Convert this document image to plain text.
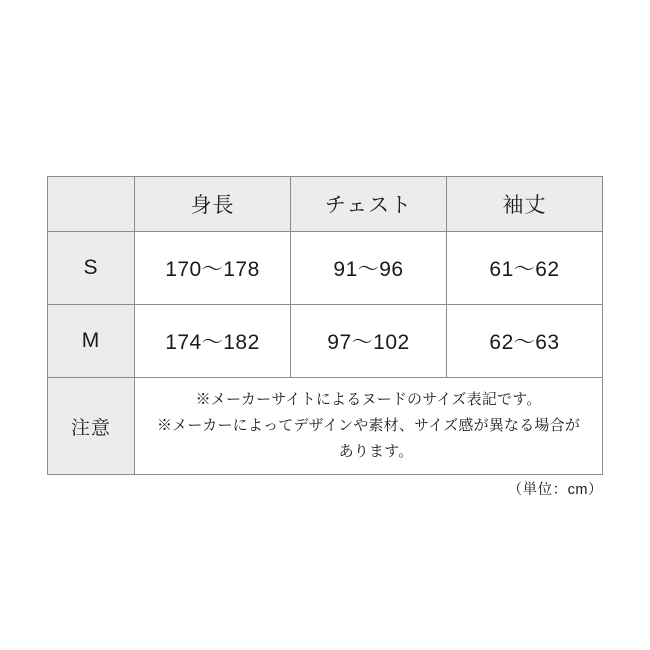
	身長	チェスト	袖丈
S	170〜178	91〜96	61〜62
M	174〜182	97〜102	62〜63
注意	※メーカーサイトによるヌードのサイズ表記です。
※メーカーによってデザインや素材、サイズ感が異なる場合が
あります。		
（単位：cm）
